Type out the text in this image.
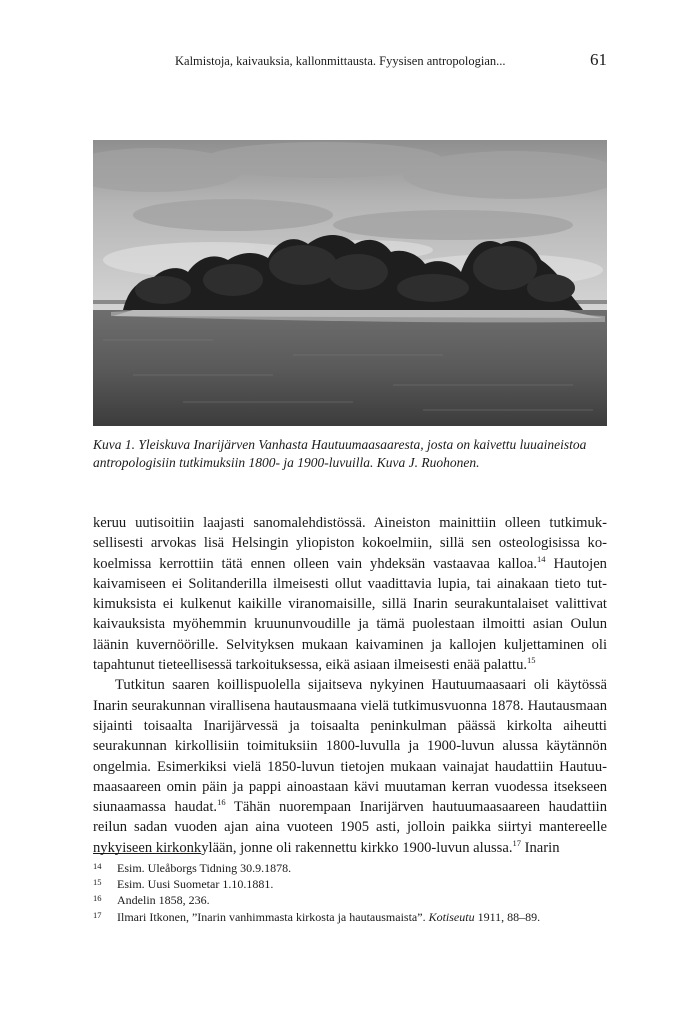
Kalmistoja, kaivauksia, kallonmittausta. Fyysisen antropologian...	61
Kuva 1. Yleiskuva Inarijärven Vanhasta Hautuumaasaaresta, josta on kaivettu luuaineistoa antropologisiin tutkimuksiin 1800- ja 1900-luvuilla. Kuva J. Ruohonen.

keruu uutisoitiin laajasti sanomalehdistössä. Aineiston mainittiin olleen tutkimuksellisesti arvokas lisä Helsingin yliopiston kokoelmiin, sillä sen osteologisissa kokoelmissa kerrottiin tätä ennen olleen vain yhdeksän vastaavaa kalloa.$^{14}$ Hautojen kaivamiseen ei Solitanderilla ilmeisesti ollut vaadittavia lupia, tai ainakaan tieto tutkimuksista ei kulkenut kaikille viranomaisille, sillä Inarin seurakuntalaiset valittivat kaivauksista myöhemmin kruununvoudille ja tämä puolestaan ilmoitti asian Oulun läänin kuvernöörille. Selvityksen mukaan kaivaminen ja kallojen kuljettaminen oli tapahtunut tieteellisessä tarkoituksessa, eikä asiaan ilmeisesti enää palattu.$^{15}$

Tutkitun saaren koillispuolella sijaitseva nykyinen Hautuumaasaari oli käytössä Inarin seurakunnan virallisena hautausmaana vielä tutkimusvuonna 1878. Hautausmaan sijainti toisaalta Inarijärvessä ja toisaalta peninkulman päässä kirkolta aiheutti seurakunnan kirkollisiin toimituksiin 1800-luvulla ja 1900-luvun alussa käytännön ongelmia. Esimerkiksi vielä 1850-luvun tietojen mukaan vainajat haudattiin Hautuumaasaareen omin päin ja pappi ainoastaan kävi muutaman kerran vuodessa itsekseen siunaamassa haudat.$^{16}$ Tähän nuorempaan Inarijärven hautuumaasaareen haudattiin reilun sadan vuoden ajan aina vuoteen 1905 asti, jolloin paikka siirtyi mantereelle nykyiseen kirkonkylään, jonne oli rakennettu kirkko 1900-luvun alussa.$^{17}$ Inarin

14	Esim. Uleåborgs Tidning 30.9.1878.
15	Esim. Uusi Suometar 1.10.1881.
16	Andelin 1858, 236.
17	Ilmari Itkonen, ”Inarin vanhimmasta kirkosta ja hautausmaista”. Kotiseutu 1911, 88–89.
